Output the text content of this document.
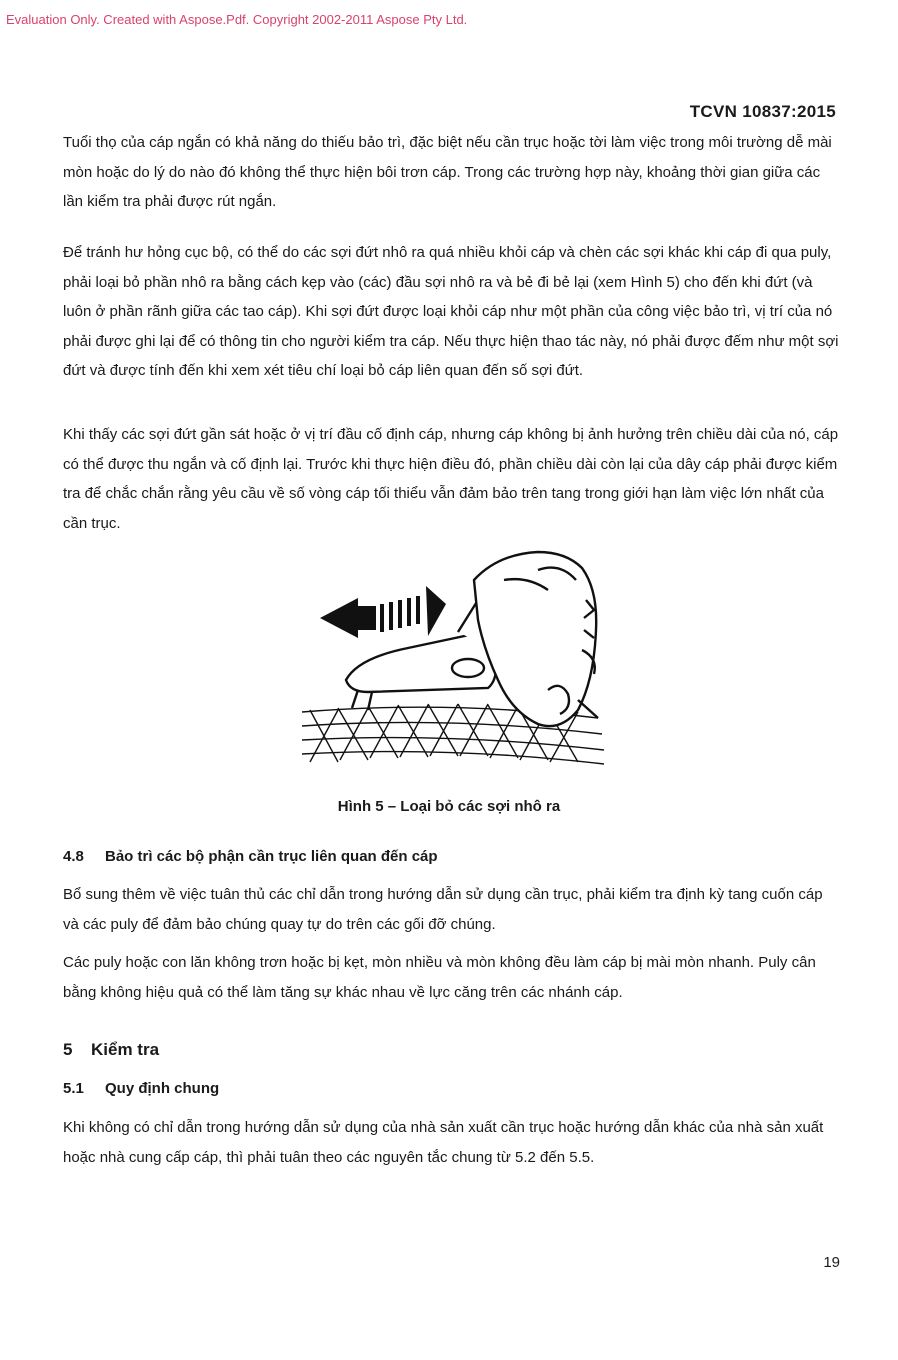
Evaluation Only. Created with Aspose.Pdf. Copyright 2002-2011 Aspose Pty Ltd.
TCVN 10837:2015

Tuổi thọ của cáp ngắn có khả năng do thiếu bảo trì, đặc biệt nếu cần trục hoặc tời làm việc trong môi trường dễ mài mòn hoặc do lý do nào đó không thể thực hiện bôi trơn cáp. Trong các trường hợp này, khoảng thời gian giữa các lần kiểm tra phải được rút ngắn.

Để tránh hư hỏng cục bộ, có thể do các sợi đứt nhô ra quá nhiều khỏi cáp và chèn các sợi khác khi cáp đi qua puly, phải loại bỏ phần nhô ra bằng cách kẹp vào (các) đầu sợi nhô ra và bẻ đi bẻ lại (xem Hình 5) cho đến khi đứt (và luôn ở phần rãnh giữa các tao cáp). Khi sợi đứt được loại khỏi cáp như một phần của công việc bảo trì, vị trí của nó phải được ghi lại để có thông tin cho người kiểm tra cáp. Nếu thực hiện thao tác này, nó phải được đếm như một sợi đứt và được tính đến khi xem xét tiêu chí loại bỏ cáp liên quan đến số sợi đứt.

Khi thấy các sợi đứt gần sát hoặc ở vị trí đầu cố định cáp, nhưng cáp không bị ảnh hưởng trên chiều dài của nó, cáp có thể được thu ngắn và cố định lại. Trước khi thực hiện điều đó, phần chiều dài còn lại của dây cáp phải được kiểm tra để chắc chắn rằng yêu cầu về số vòng cáp tối thiểu vẫn đảm bảo trên tang trong giới hạn làm việc lớn nhất của cần trục.

Hình 5 – Loại bỏ các sợi nhô ra
4.8 Bảo trì các bộ phận cần trục liên quan đến cáp

Bổ sung thêm về việc tuân thủ các chỉ dẫn trong hướng dẫn sử dụng cần trục, phải kiểm tra định kỳ tang cuốn cáp và các puly để đảm bảo chúng quay tự do trên các gối đỡ chúng.

Các puly hoặc con lăn không trơn hoặc bị kẹt, mòn nhiều và mòn không đều làm cáp bị mài mòn nhanh. Puly cân bằng không hiệu quả có thể làm tăng sự khác nhau về lực căng trên các nhánh cáp.

5 Kiểm tra
5.1 Quy định chung

Khi không có chỉ dẫn trong hướng dẫn sử dụng của nhà sản xuất cần trục hoặc hướng dẫn khác của nhà sản xuất hoặc nhà cung cấp cáp, thì phải tuân theo các nguyên tắc chung từ 5.2 đến 5.5.

19
